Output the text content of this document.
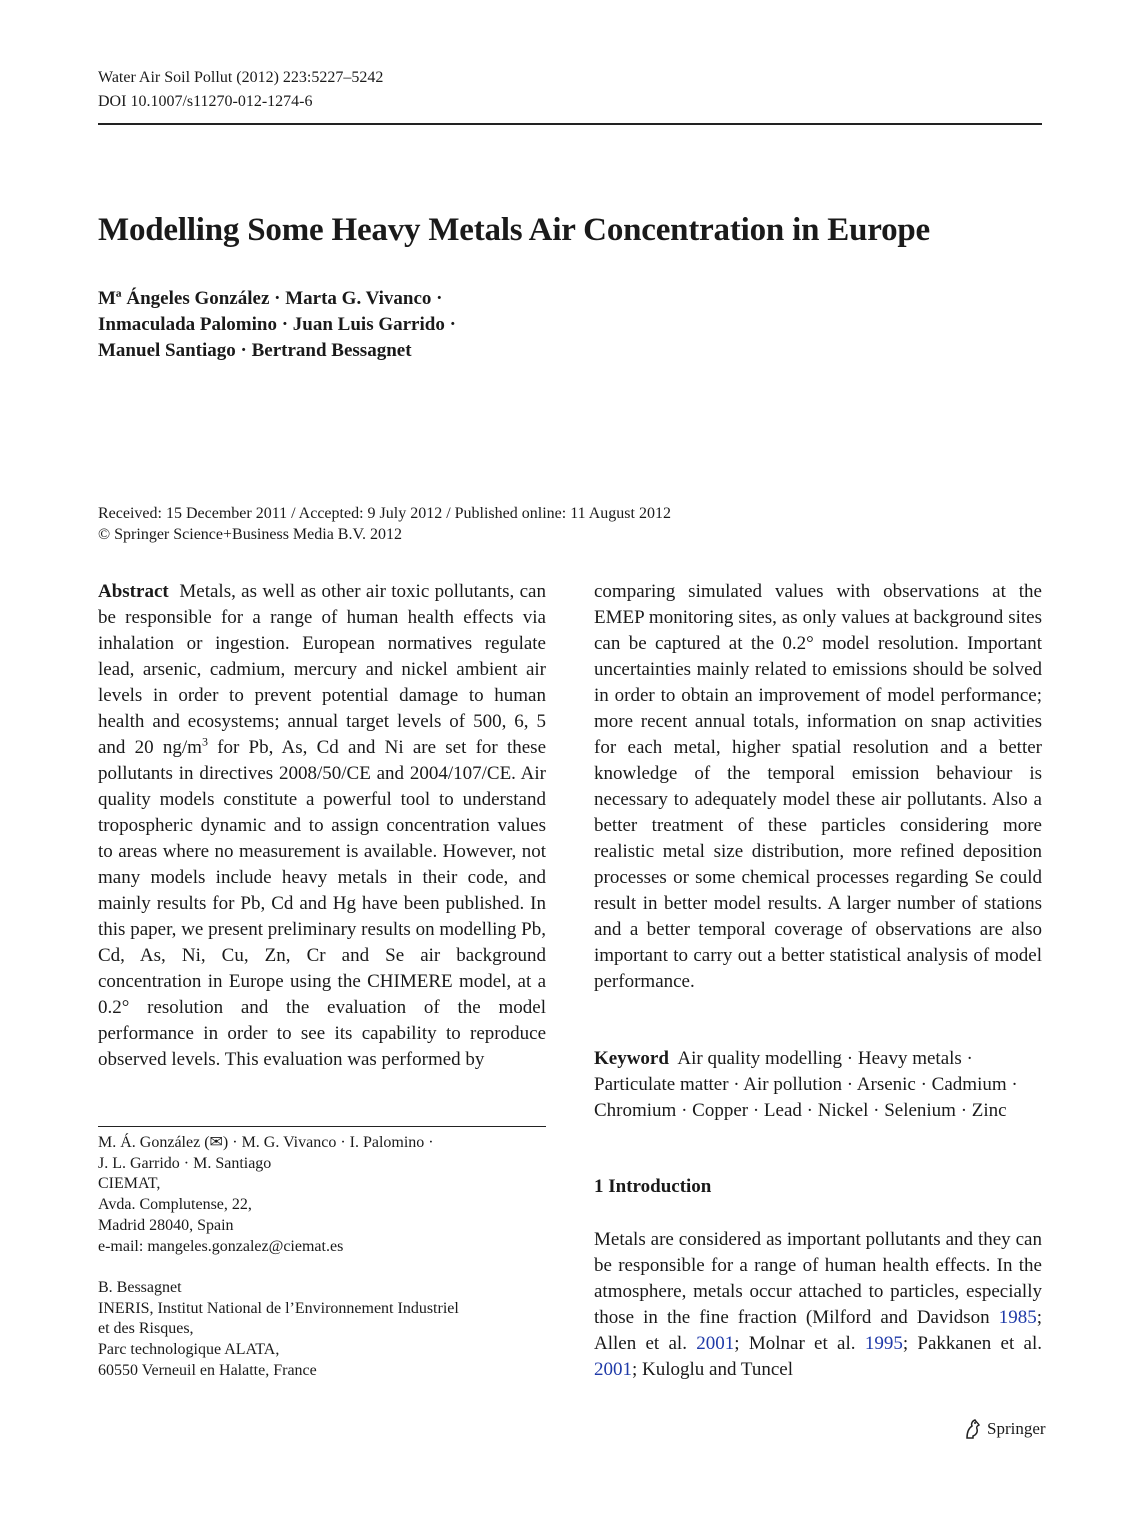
Water Air Soil Pollut (2012) 223:5227–5242
DOI 10.1007/s11270-012-1274-6
Modelling Some Heavy Metals Air Concentration in Europe
Mª Ángeles González · Marta G. Vivanco ·
Inmaculada Palomino · Juan Luis Garrido ·
Manuel Santiago · Bertrand Bessagnet
Received: 15 December 2011 / Accepted: 9 July 2012 / Published online: 11 August 2012
© Springer Science+Business Media B.V. 2012

Abstract Metals, as well as other air toxic pollutants, can be responsible for a range of human health effects via inhalation or ingestion. European normatives regulate lead, arsenic, cadmium, mercury and nickel ambient air levels in order to prevent potential damage to human health and ecosystems; annual target levels of 500, 6, 5 and 20 $ng/m^3$ for Pb, As, Cd and Ni are set for these pollutants in directives 2008/50/CE and 2004/107/CE. Air quality models constitute a powerful tool to understand tropospheric dynamic and to assign concentration values to areas where no measurement is available. However, not many models include heavy metals in their code, and mainly results for Pb, Cd and Hg have been published. In this paper, we present preliminary results on modelling Pb, Cd, As, Ni, Cu, Zn, Cr and Se air background concentration in Europe using the CHIMERE model, at a 0.2° resolution and the evaluation of the model performance in order to see its capability to reproduce observed levels. This evaluation was performed by

M. Á. González (✉) · M. G. Vivanco · I. Palomino ·
J. L. Garrido · M. Santiago
CIEMAT,
Avda. Complutense, 22,
Madrid 28040, Spain
e-mail: mangeles.gonzalez@ciemat.es
B. Bessagnet
INERIS, Institut National de l’Environnement Industriel
et des Risques,
Parc technologique ALATA,
60550 Verneuil en Halatte, France

comparing simulated values with observations at the EMEP monitoring sites, as only values at background sites can be captured at the 0.2° model resolution. Important uncertainties mainly related to emissions should be solved in order to obtain an improvement of model performance; more recent annual totals, information on snap activities for each metal, higher spatial resolution and a better knowledge of the temporal emission behaviour is necessary to adequately model these air pollutants. Also a better treatment of these particles considering more realistic metal size distribution, more refined deposition processes or some chemical processes regarding Se could result in better model results. A larger number of stations and a better temporal coverage of observations are also important to carry out a better statistical analysis of model performance.

Keyword Air quality modelling · Heavy metals ·
Particulate matter · Air pollution · Arsenic · Cadmium ·
Chromium · Copper · Lead · Nickel · Selenium · Zinc
1 Introduction

Metals are considered as important pollutants and they can be responsible for a range of human health effects. In the atmosphere, metals occur attached to particles, especially those in the fine fraction (Milford and Davidson 1985; Allen et al. 2001; Molnar et al. 1995; Pakkanen et al. 2001; Kuloglu and Tuncel

Springer
